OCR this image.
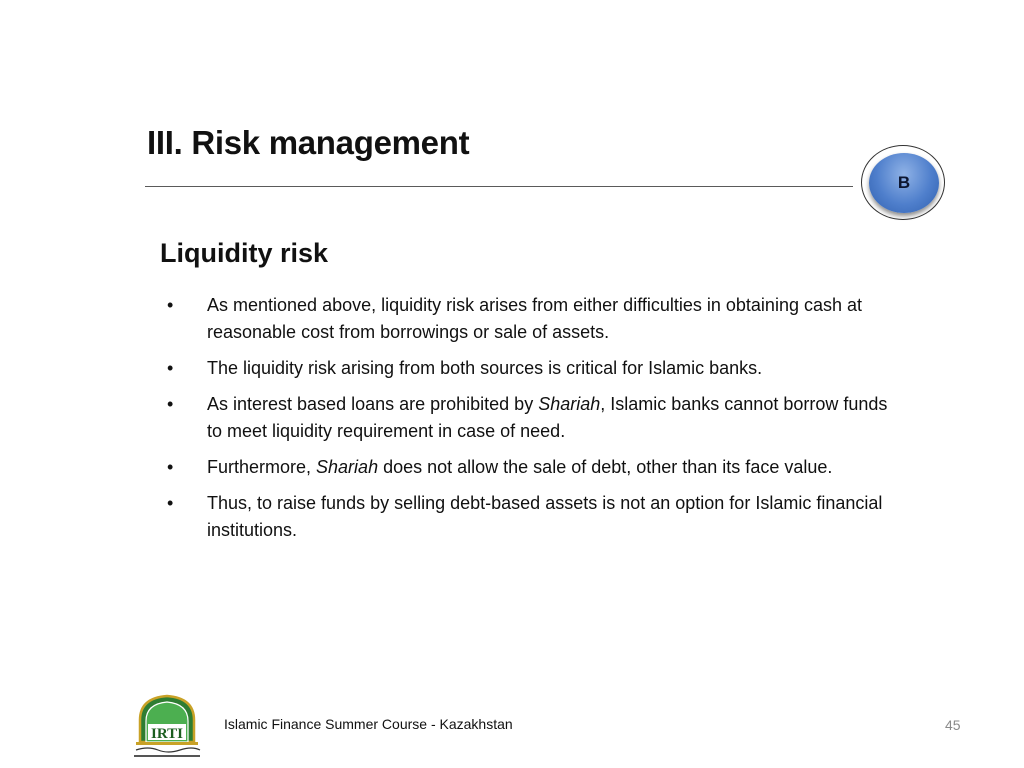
III. Risk management
B
Liquidity risk
• As mentioned above, liquidity risk arises from either difficulties in obtaining cash at reasonable cost from borrowings or sale of assets.
• The liquidity risk arising from both sources is critical for Islamic banks.
• As interest based loans are prohibited by Shariah, Islamic banks cannot borrow funds to meet liquidity requirement in case of need.
• Furthermore, Shariah does not allow the sale of debt, other than its face value.
• Thus, to raise funds by selling debt-based assets is not an option for Islamic financial institutions.
IRTI
Islamic Finance Summer Course - Kazakhstan	45
